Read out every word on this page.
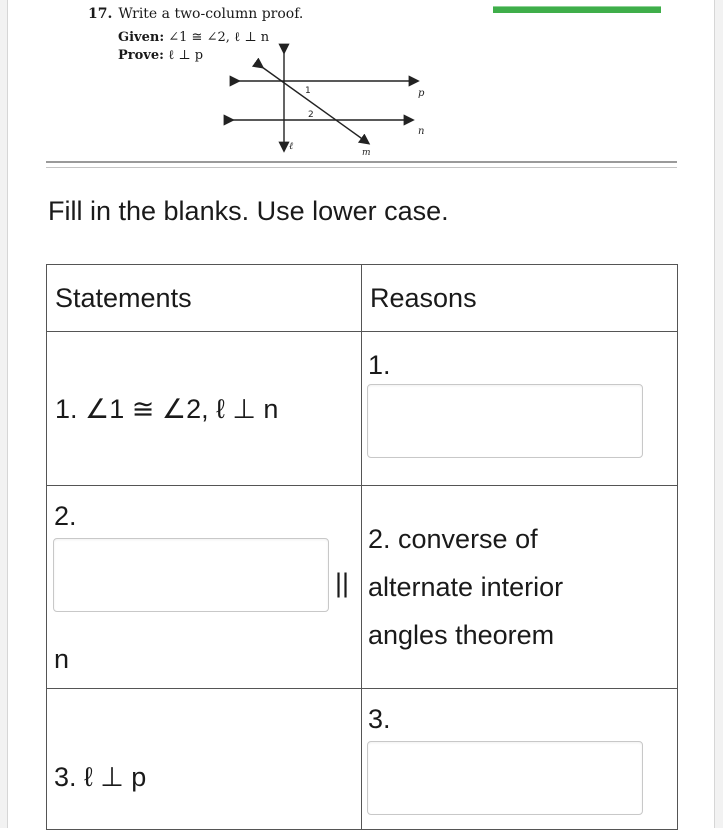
17. Write a two-column proof.
Given: ∠1 ≅ ∠2, ℓ ⊥ n
Prove: ℓ ⊥ p
1
2
p
n
ℓ
m
Fill in the blanks. Use lower case.
Statements	Reasons

1. ∠1 ≅ ∠2, ℓ ⊥ n	1.

2.
||
n	2. converse of
alternate interior
angles theorem

3. ℓ ⊥ p	3.
